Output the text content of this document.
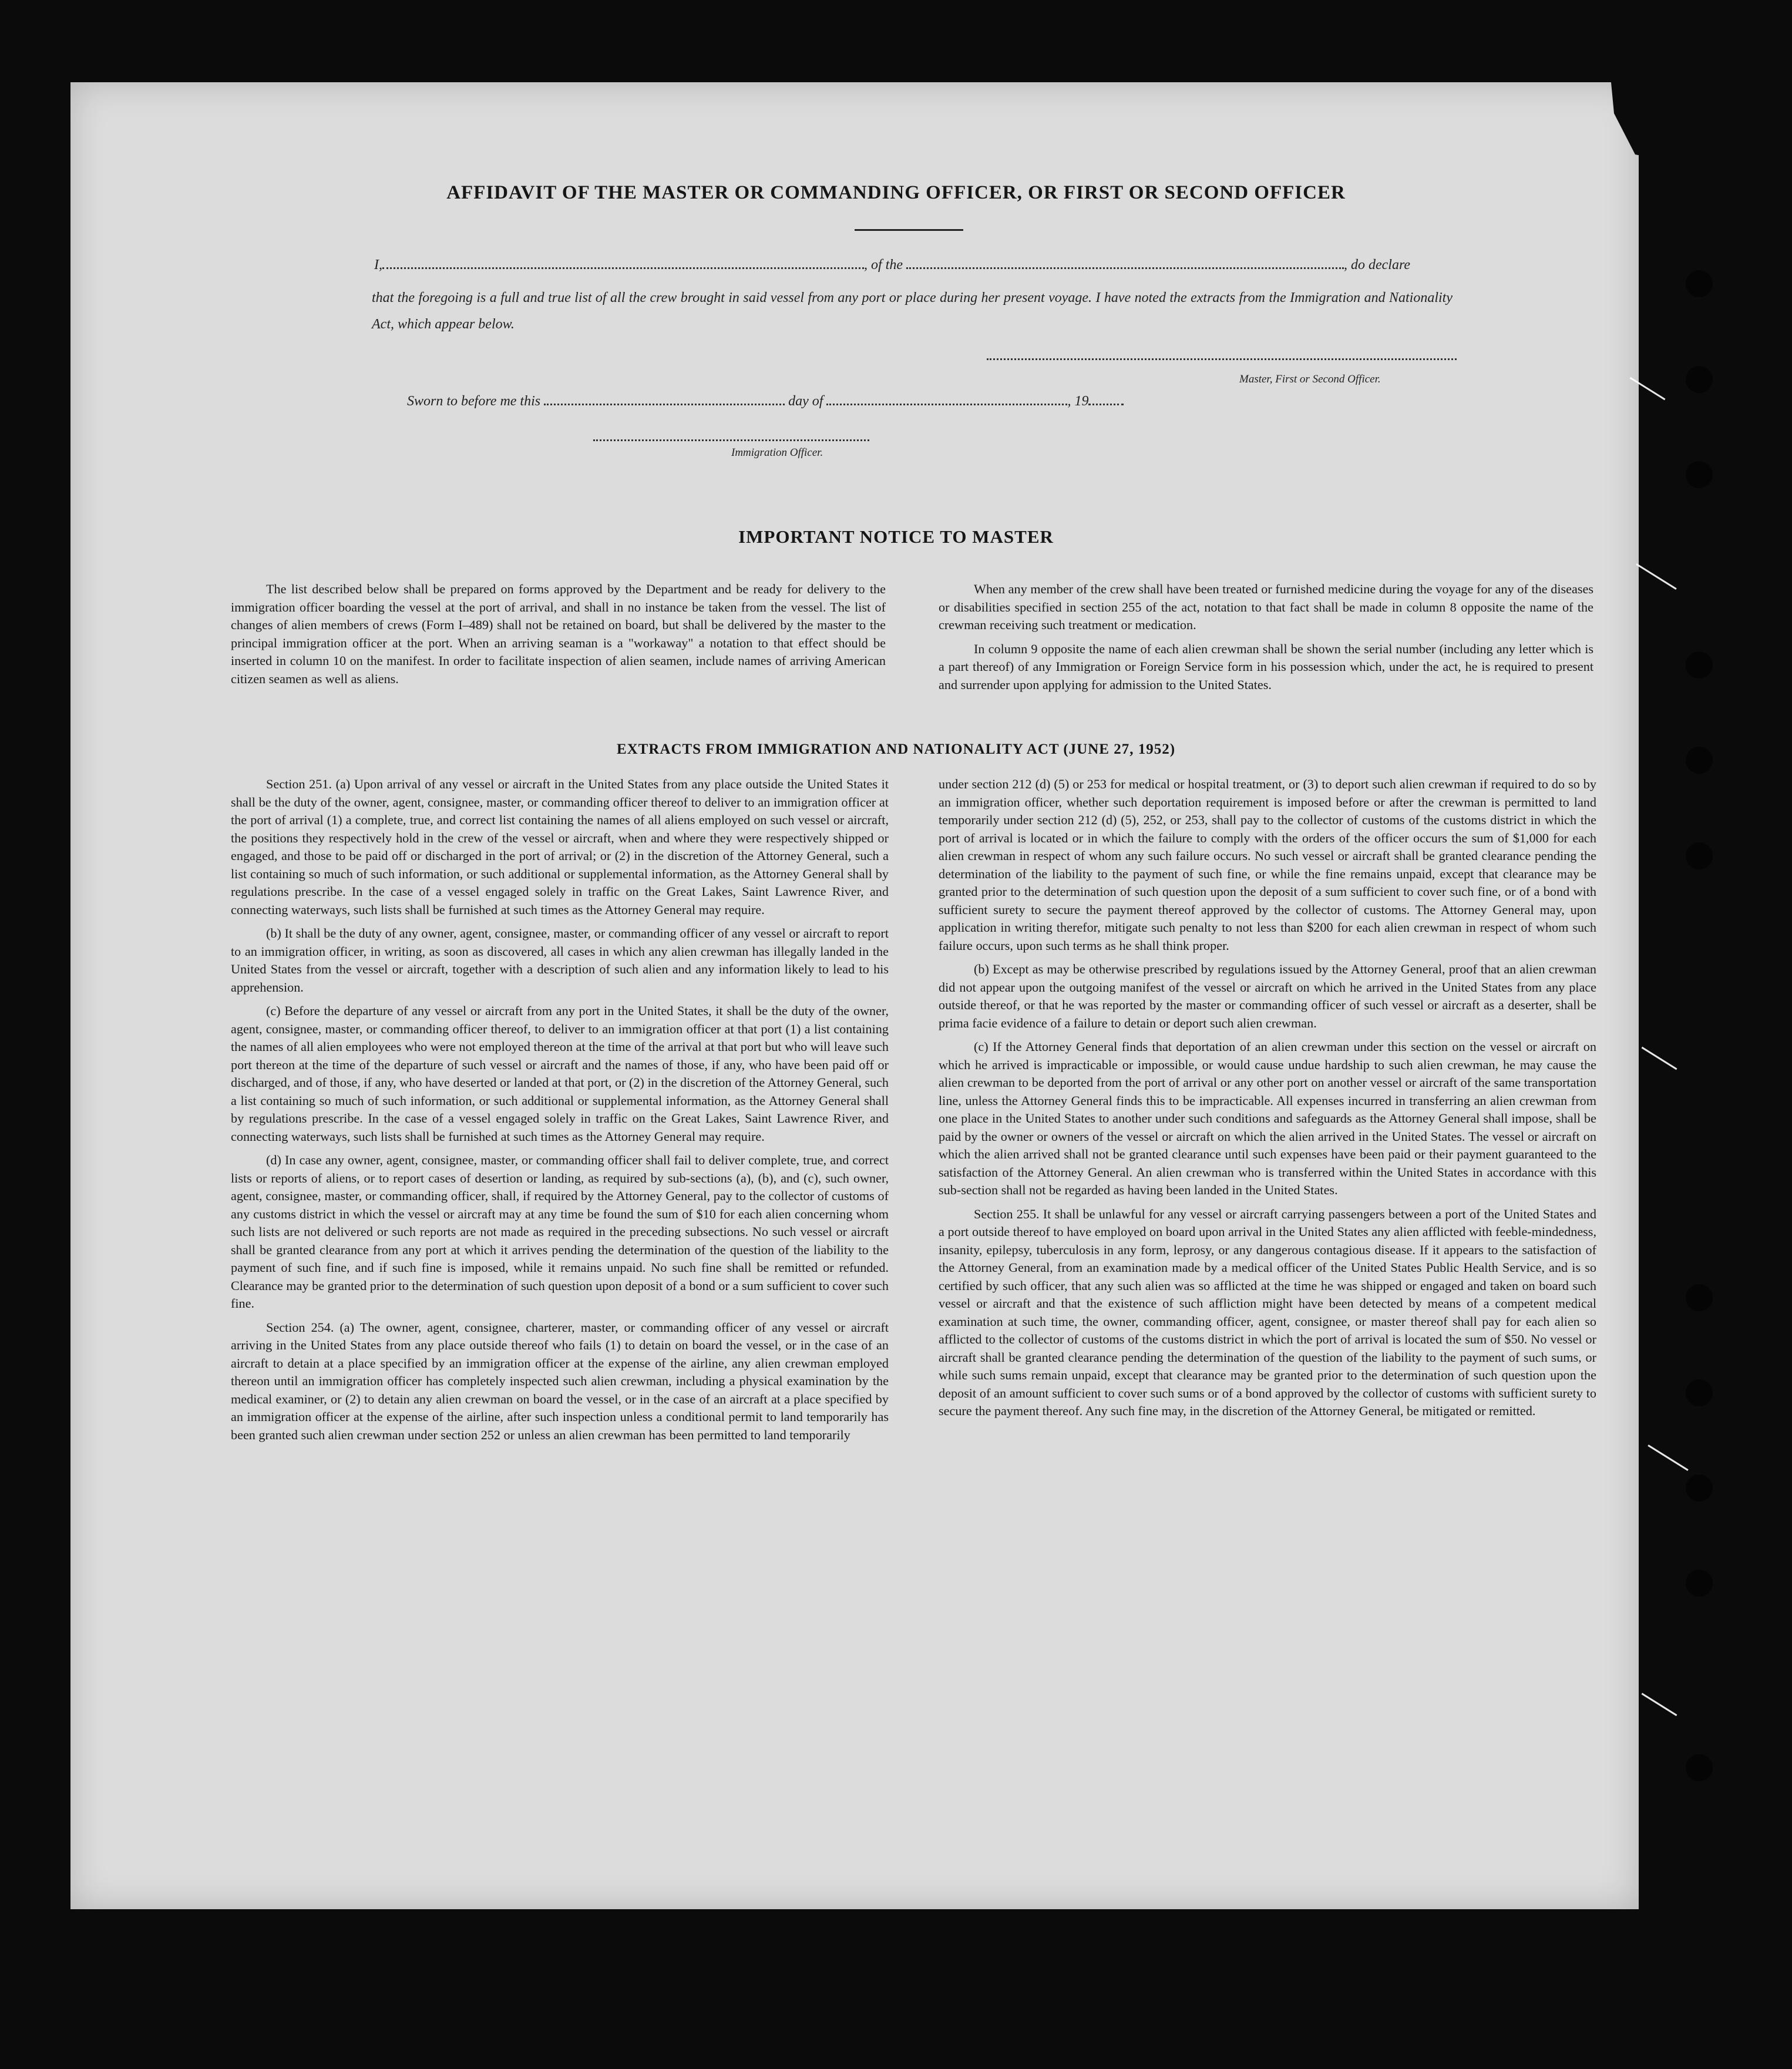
AFFIDAVIT OF THE MASTER OR COMMANDING OFFICER, OR FIRST OR SECOND OFFICER
I,	, of the	, do declare
that the foregoing is a full and true list of all the crew brought in said vessel from any port or place during her present voyage. I have noted the extracts from the Immigration and Nationality Act, which appear below.
Master, First or Second Officer.
Sworn to before me this	day of	, 19
Immigration Officer.
IMPORTANT NOTICE TO MASTER

The list described below shall be prepared on forms approved by the Department and be ready for delivery to the immigration officer boarding the vessel at the port of arrival, and shall in no instance be taken from the vessel. The list of changes of alien members of crews (Form I–489) shall not be retained on board, but shall be delivered by the master to the principal immigration officer at the port. When an arriving seaman is a "workaway" a notation to that effect should be inserted in column 10 on the manifest. In order to facilitate inspection of alien seamen, include names of arriving American citizen seamen as well as aliens.

When any member of the crew shall have been treated or furnished medicine during the voyage for any of the diseases or disabilities specified in section 255 of the act, notation to that fact shall be made in column 8 opposite the name of the crewman receiving such treatment or medication.

In column 9 opposite the name of each alien crewman shall be shown the serial number (including any letter which is a part thereof) of any Immigration or Foreign Service form in his possession which, under the act, he is required to present and surrender upon applying for admission to the United States.

EXTRACTS FROM IMMIGRATION AND NATIONALITY ACT (JUNE 27, 1952)

Section 251. (a) Upon arrival of any vessel or aircraft in the United States from any place outside the United States it shall be the duty of the owner, agent, consignee, master, or commanding officer thereof to deliver to an immigration officer at the port of arrival (1) a complete, true, and correct list containing the names of all aliens employed on such vessel or aircraft, the positions they respectively hold in the crew of the vessel or aircraft, when and where they were respectively shipped or engaged, and those to be paid off or discharged in the port of arrival; or (2) in the discretion of the Attorney General, such a list containing so much of such information, or such additional or supplemental information, as the Attorney General shall by regulations prescribe. In the case of a vessel engaged solely in traffic on the Great Lakes, Saint Lawrence River, and connecting waterways, such lists shall be furnished at such times as the Attorney General may require.

(b) It shall be the duty of any owner, agent, consignee, master, or commanding officer of any vessel or aircraft to report to an immigration officer, in writing, as soon as discovered, all cases in which any alien crewman has illegally landed in the United States from the vessel or aircraft, together with a description of such alien and any information likely to lead to his apprehension.

(c) Before the departure of any vessel or aircraft from any port in the United States, it shall be the duty of the owner, agent, consignee, master, or commanding officer thereof, to deliver to an immigration officer at that port (1) a list containing the names of all alien employees who were not employed thereon at the time of the arrival at that port but who will leave such port thereon at the time of the departure of such vessel or aircraft and the names of those, if any, who have been paid off or discharged, and of those, if any, who have deserted or landed at that port, or (2) in the discretion of the Attorney General, such a list containing so much of such information, or such additional or supplemental information, as the Attorney General shall by regulations prescribe. In the case of a vessel engaged solely in traffic on the Great Lakes, Saint Lawrence River, and connecting waterways, such lists shall be furnished at such times as the Attorney General may require.

(d) In case any owner, agent, consignee, master, or commanding officer shall fail to deliver complete, true, and correct lists or reports of aliens, or to report cases of desertion or landing, as required by sub-sections (a), (b), and (c), such owner, agent, consignee, master, or commanding officer, shall, if required by the Attorney General, pay to the collector of customs of any customs district in which the vessel or aircraft may at any time be found the sum of $10 for each alien concerning whom such lists are not delivered or such reports are not made as required in the preceding subsections. No such vessel or aircraft shall be granted clearance from any port at which it arrives pending the determination of the question of the liability to the payment of such fine, and if such fine is imposed, while it remains unpaid. No such fine shall be remitted or refunded. Clearance may be granted prior to the determination of such question upon deposit of a bond or a sum sufficient to cover such fine.

Section 254. (a) The owner, agent, consignee, charterer, master, or commanding officer of any vessel or aircraft arriving in the United States from any place outside thereof who fails (1) to detain on board the vessel, or in the case of an aircraft to detain at a place specified by an immigration officer at the expense of the airline, any alien crewman employed thereon until an immigration officer has completely inspected such alien crewman, including a physical examination by the medical examiner, or (2) to detain any alien crewman on board the vessel, or in the case of an aircraft at a place specified by an immigration officer at the expense of the airline, after such inspection unless a conditional permit to land temporarily has been granted such alien crewman under section 252 or unless an alien crewman has been permitted to land temporarily

under section 212 (d) (5) or 253 for medical or hospital treatment, or (3) to deport such alien crewman if required to do so by an immigration officer, whether such deportation requirement is imposed before or after the crewman is permitted to land temporarily under section 212 (d) (5), 252, or 253, shall pay to the collector of customs of the customs district in which the port of arrival is located or in which the failure to comply with the orders of the officer occurs the sum of $1,000 for each alien crewman in respect of whom any such failure occurs. No such vessel or aircraft shall be granted clearance pending the determination of the liability to the payment of such fine, or while the fine remains unpaid, except that clearance may be granted prior to the determination of such question upon the deposit of a sum sufficient to cover such fine, or of a bond with sufficient surety to secure the payment thereof approved by the collector of customs. The Attorney General may, upon application in writing therefor, mitigate such penalty to not less than $200 for each alien crewman in respect of whom such failure occurs, upon such terms as he shall think proper.

(b) Except as may be otherwise prescribed by regulations issued by the Attorney General, proof that an alien crewman did not appear upon the outgoing manifest of the vessel or aircraft on which he arrived in the United States from any place outside thereof, or that he was reported by the master or commanding officer of such vessel or aircraft as a deserter, shall be prima facie evidence of a failure to detain or deport such alien crewman.

(c) If the Attorney General finds that deportation of an alien crewman under this section on the vessel or aircraft on which he arrived is impracticable or impossible, or would cause undue hardship to such alien crewman, he may cause the alien crewman to be deported from the port of arrival or any other port on another vessel or aircraft of the same transportation line, unless the Attorney General finds this to be impracticable. All expenses incurred in transferring an alien crewman from one place in the United States to another under such conditions and safeguards as the Attorney General shall impose, shall be paid by the owner or owners of the vessel or aircraft on which the alien arrived in the United States. The vessel or aircraft on which the alien arrived shall not be granted clearance until such expenses have been paid or their payment guaranteed to the satisfaction of the Attorney General. An alien crewman who is transferred within the United States in accordance with this sub-section shall not be regarded as having been landed in the United States.

Section 255. It shall be unlawful for any vessel or aircraft carrying passengers between a port of the United States and a port outside thereof to have employed on board upon arrival in the United States any alien afflicted with feeble-mindedness, insanity, epilepsy, tuberculosis in any form, leprosy, or any dangerous contagious disease. If it appears to the satisfaction of the Attorney General, from an examination made by a medical officer of the United States Public Health Service, and is so certified by such officer, that any such alien was so afflicted at the time he was shipped or engaged and taken on board such vessel or aircraft and that the existence of such affliction might have been detected by means of a competent medical examination at such time, the owner, commanding officer, agent, consignee, or master thereof shall pay for each alien so afflicted to the collector of customs of the customs district in which the port of arrival is located the sum of $50. No vessel or aircraft shall be granted clearance pending the determination of the question of the liability to the payment of such sums, or while such sums remain unpaid, except that clearance may be granted prior to the determination of such question upon the deposit of an amount sufficient to cover such sums or of a bond approved by the collector of customs with sufficient surety to secure the payment thereof. Any such fine may, in the discretion of the Attorney General, be mitigated or remitted.
